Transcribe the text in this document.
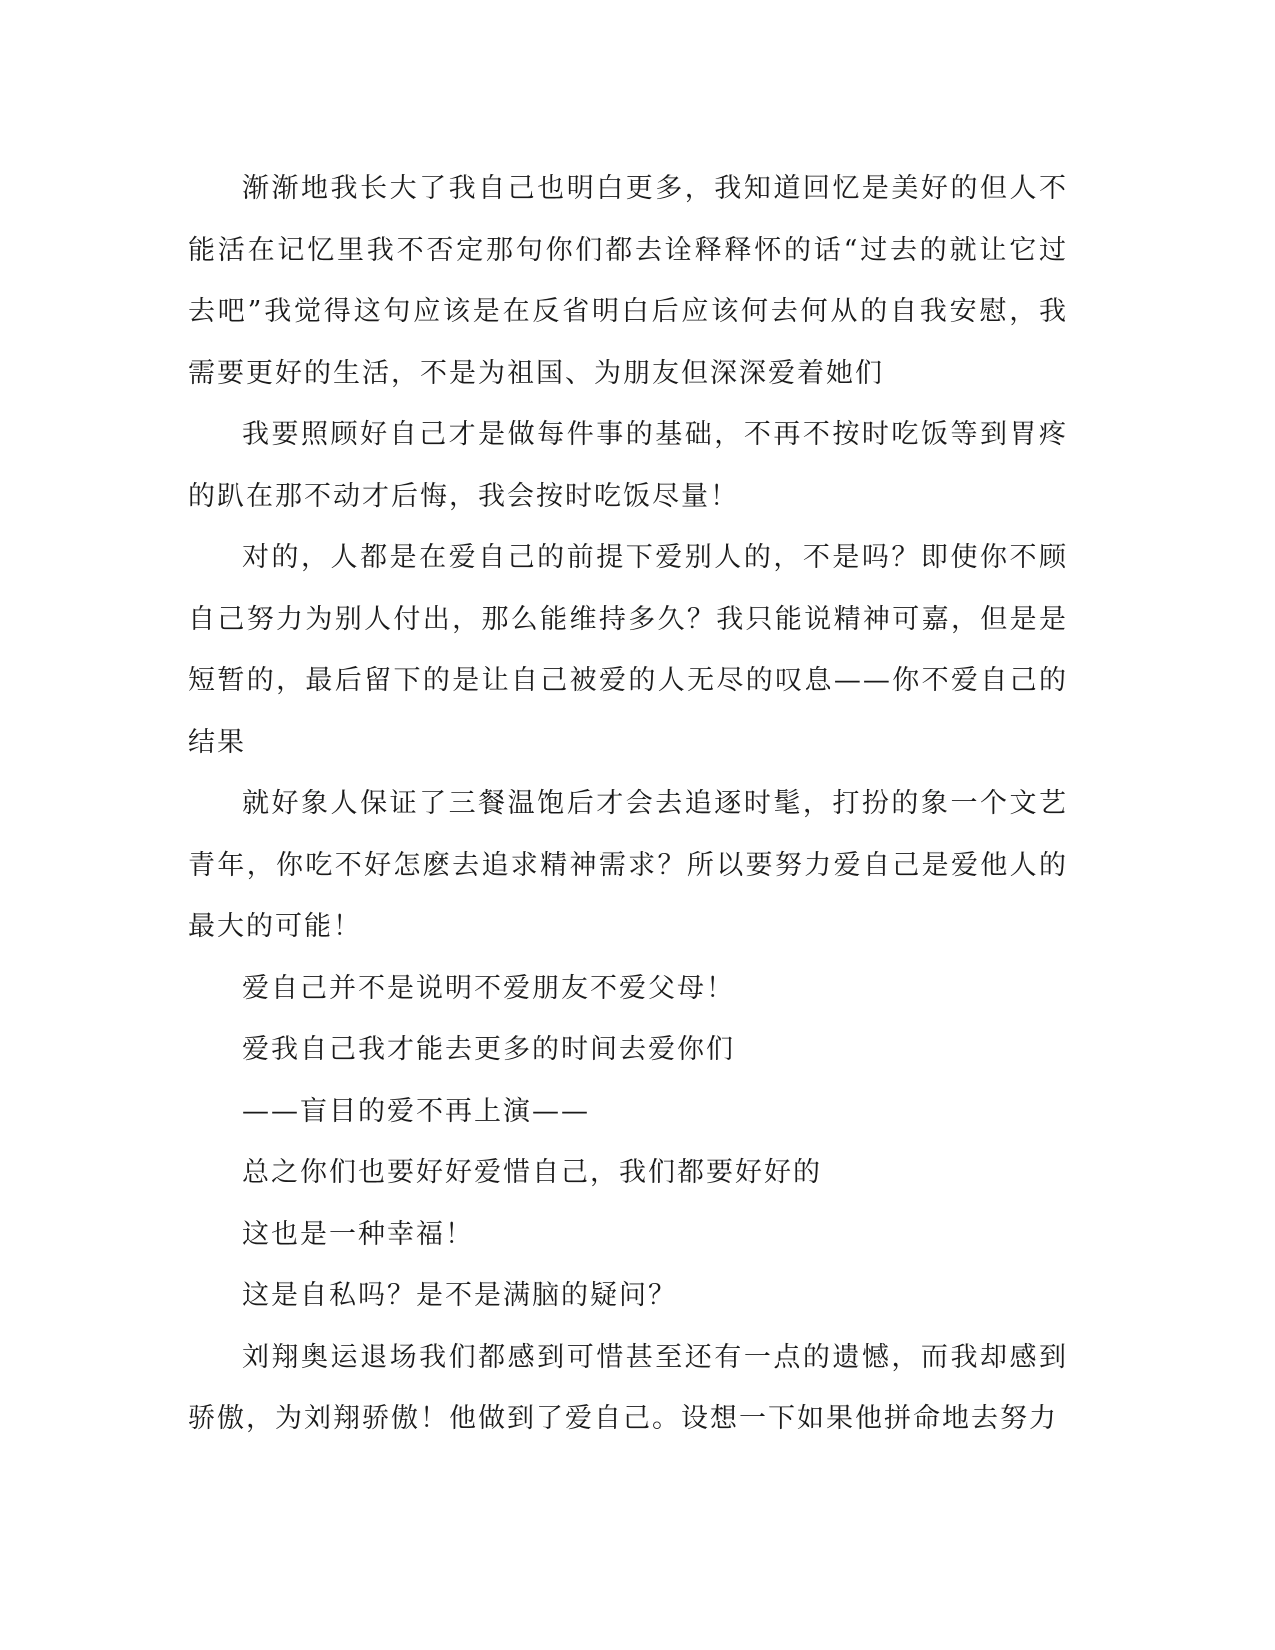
渐渐地我长大了我自己也明白更多，我知道回忆是美好的但人不能活在记忆里我不否定那句你们都去诠释释怀的话“过去的就让它过去吧”我觉得这句应该是在反省明白后应该何去何从的自我安慰，我需要更好的生活，不是为祖国、为朋友但深深爱着她们

我要照顾好自己才是做每件事的基础，不再不按时吃饭等到胃疼的趴在那不动才后悔，我会按时吃饭尽量！

对的，人都是在爱自己的前提下爱别人的，不是吗？即使你不顾自己努力为别人付出，那么能维持多久？我只能说精神可嘉，但是是短暂的，最后留下的是让自己被爱的人无尽的叹息——你不爱自己的结果

就好象人保证了三餐温饱后才会去追逐时髦，打扮的象一个文艺青年，你吃不好怎麽去追求精神需求？所以要努力爱自己是爱他人的最大的可能！

爱自己并不是说明不爱朋友不爱父母！

爱我自己我才能去更多的时间去爱你们

——盲目的爱不再上演——

总之你们也要好好爱惜自己，我们都要好好的

这也是一种幸福！

这是自私吗？是不是满脑的疑问？

刘翔奥运退场我们都感到可惜甚至还有一点的遗憾，而我却感到骄傲，为刘翔骄傲！他做到了爱自己。设想一下如果他拼命地去努力
